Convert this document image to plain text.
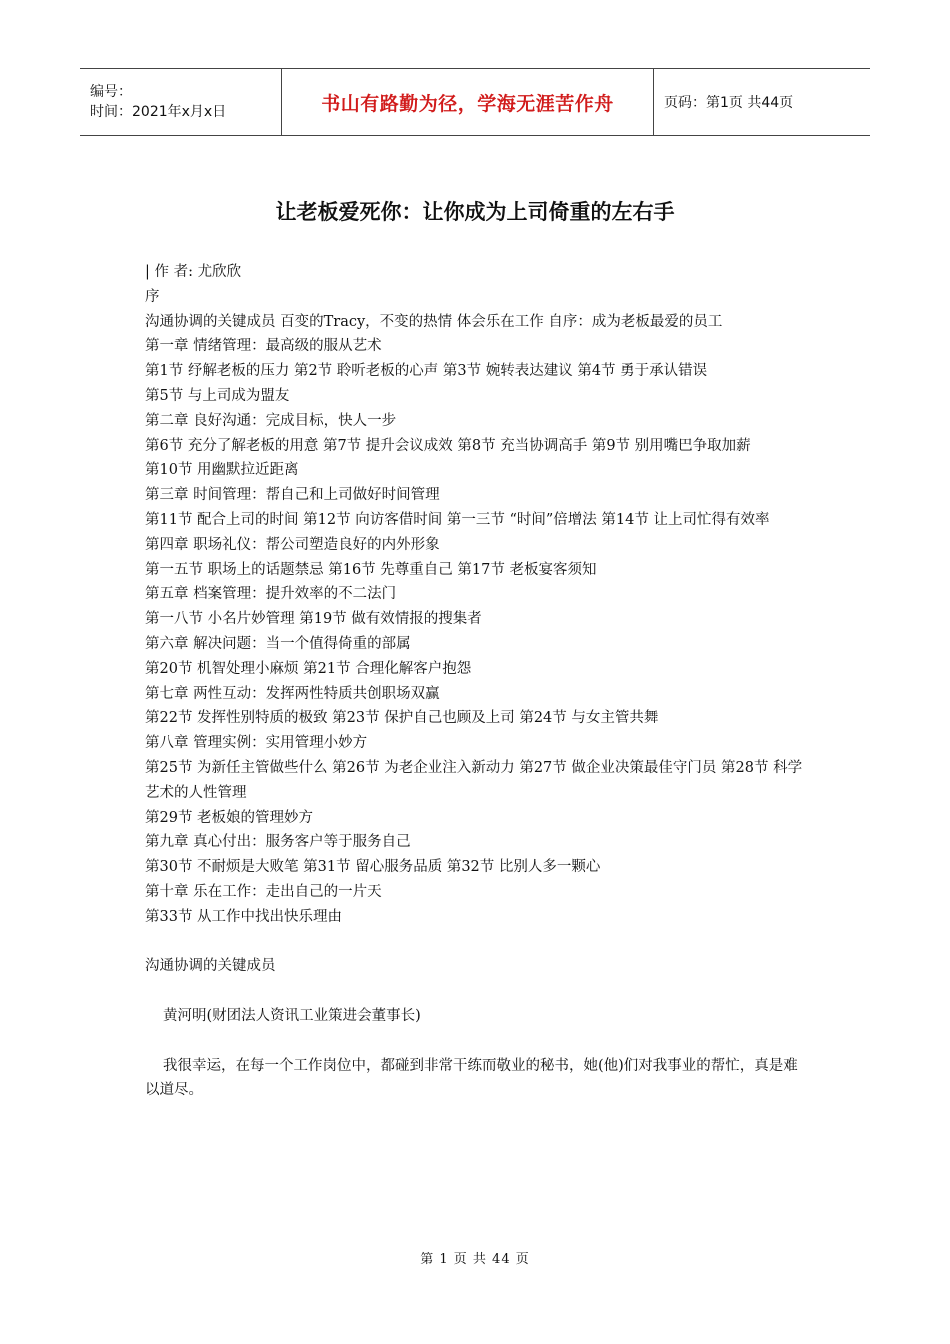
编号：
时间：2021年x月x日	书山有路勤为径，学海无涯苦作舟	页码：第1页 共44页
让老板爱死你：让你成为上司倚重的左右手

| 作 者: 尤欣欣

序

沟通协调的关键成员 百变的Tracy，不变的热情 体会乐在工作 自序：成为老板最爱的员工

第一章 情绪管理：最高级的服从艺术

第1节 纾解老板的压力 第2节 聆听老板的心声 第3节 婉转表达建议 第4节 勇于承认错误

第5节 与上司成为盟友

第二章 良好沟通：完成目标，快人一步

第6节 充分了解老板的用意 第7节 提升会议成效 第8节 充当协调高手 第9节 别用嘴巴争取加薪

第10节 用幽默拉近距离

第三章 时间管理：帮自己和上司做好时间管理

第11节 配合上司的时间 第12节 向访客借时间 第一三节 “时间”倍增法 第14节 让上司忙得有效率

第四章 职场礼仪：帮公司塑造良好的内外形象

第一五节 职场上的话题禁忌 第16节 先尊重自己 第17节 老板宴客须知

第五章 档案管理：提升效率的不二法门

第一八节 小名片妙管理 第19节 做有效情报的搜集者

第六章 解决问题：当一个值得倚重的部属

第20节 机智处理小麻烦 第21节 合理化解客户抱怨

第七章 两性互动：发挥两性特质共创职场双赢

第22节 发挥性别特质的极致 第23节 保护自己也顾及上司 第24节 与女主管共舞

第八章 管理实例：实用管理小妙方

第25节 为新任主管做些什么 第26节 为老企业注入新动力 第27节 做企业决策最佳守门员 第28节 科学艺术的人性管理

第29节 老板娘的管理妙方

第九章 真心付出：服务客户等于服务自己

第30节 不耐烦是大败笔 第31节 留心服务品质 第32节 比别人多一颗心

第十章 乐在工作：走出自己的一片天

第33节 从工作中找出快乐理由

沟通协调的关键成员

黄河明(财团法人资讯工业策进会董事长)

我很幸运，在每一个工作岗位中，都碰到非常干练而敬业的秘书，她(他)们对我事业的帮忙，真是难以道尽。

第 1 页 共 44 页
